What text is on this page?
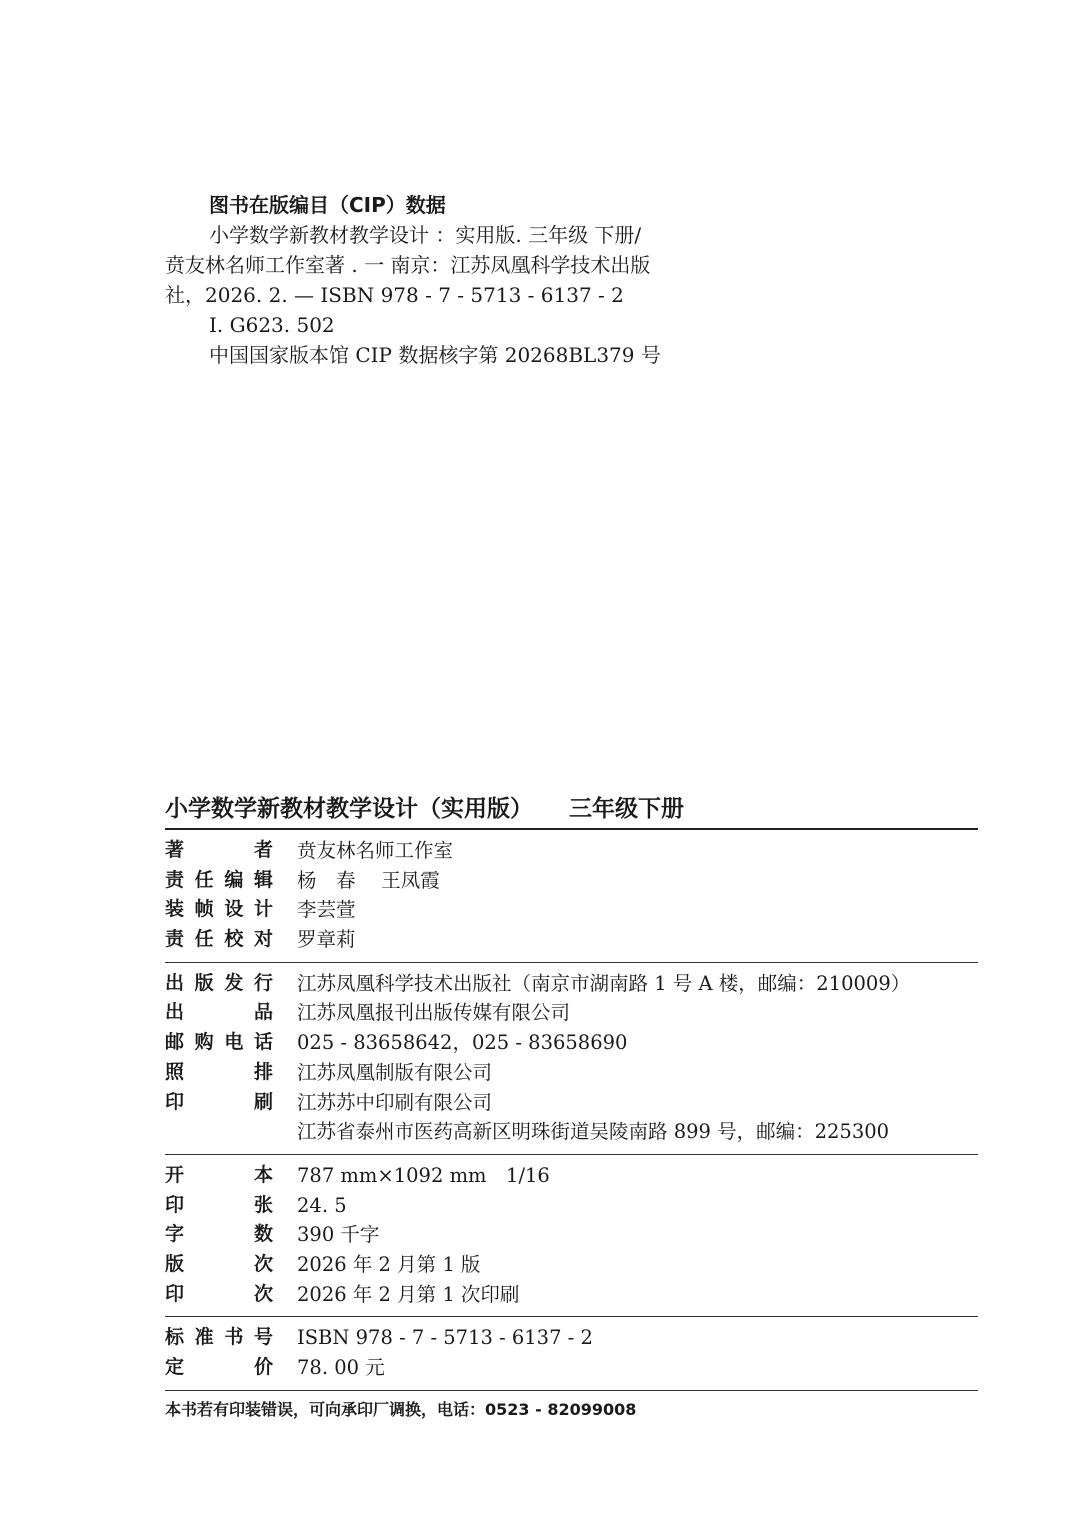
图书在版编目（CIP）数据
小学数学新教材教学设计 ：实用版. 三年级 下册/
贲友林名师工作室著 . 一 南京：江苏凤凰科学技术出版
社，2026. 2. — ISBN 978 - 7 - 5713 - 6137 - 2
Ⅰ. G623. 502
中国国家版本馆 CIP 数据核字第 20268BL379 号
小学数学新教材教学设计（实用版） 三年级下册
著者 贲友林名师工作室
责任编辑 杨　春　 王凤霞
装帧设计 李芸萱
责任校对 罗章莉
出版发行 江苏凤凰科学技术出版社（南京市湖南路 1 号 A 楼，邮编：210009）
出品 江苏凤凰报刊出版传媒有限公司
邮购电话 025 - 83658642，025 - 83658690
照排 江苏凤凰制版有限公司
印刷 江苏苏中印刷有限公司
江苏省泰州市医药高新区明珠街道吴陵南路 899 号，邮编：225300
开本 787 mm×1092 mm　1/16
印张 24. 5
字数 390 千字
版次 2026 年 2 月第 1 版
印次 2026 年 2 月第 1 次印刷
标准书号 ISBN 978 - 7 - 5713 - 6137 - 2
定价 78. 00 元
本书若有印装错误，可向承印厂调换，电话：0523 - 82099008
